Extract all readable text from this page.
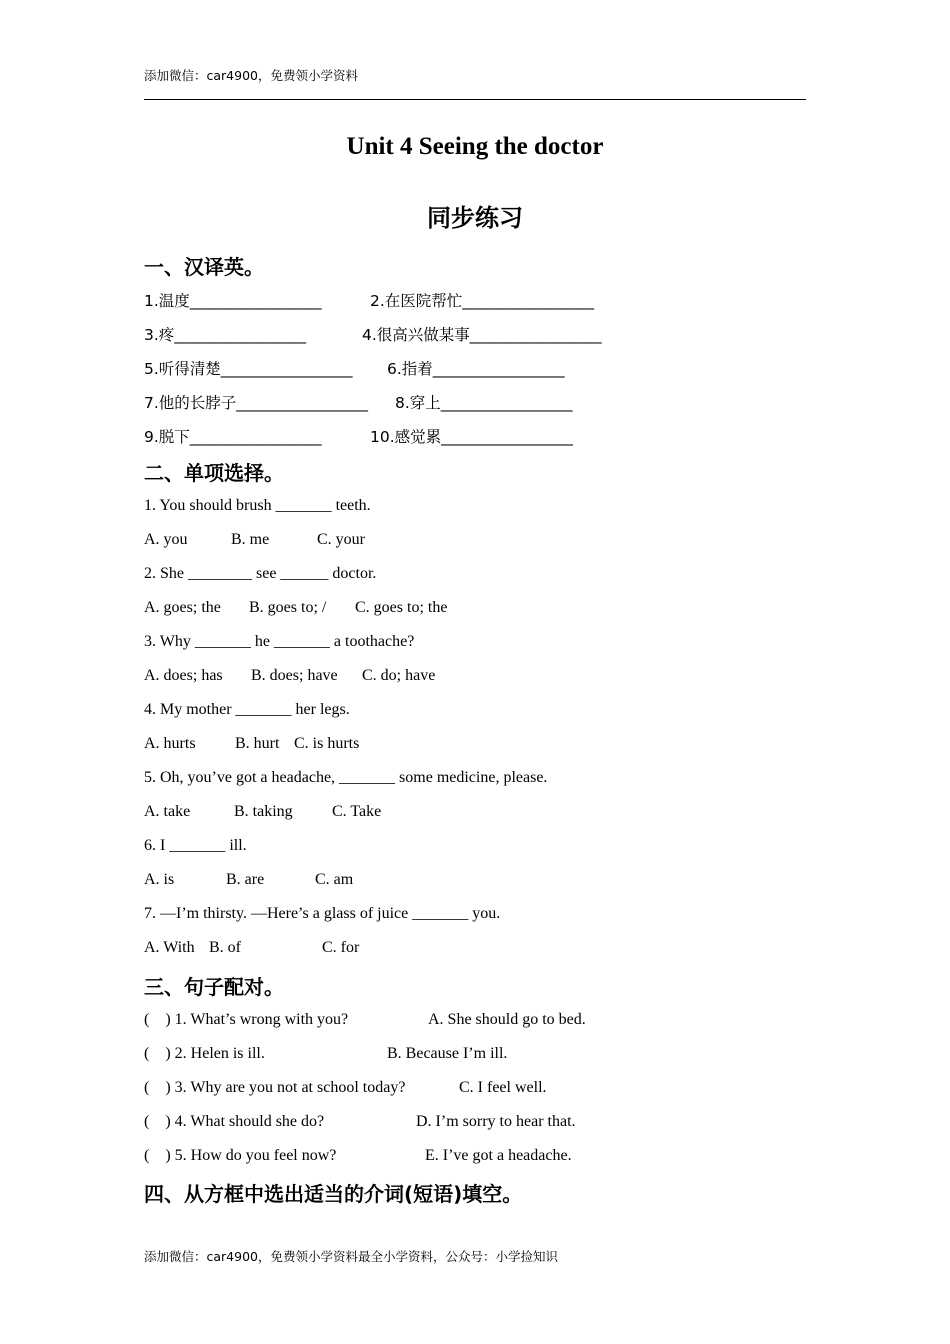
添加微信：car4900，免费领小学资料
Unit 4 Seeing the doctor
同步练习
一、汉译英。
1.温度_________________	2.在医院帮忙_________________
3.疼_________________	4.很高兴做某事_________________
5.听得清楚_________________ 6.指着_________________
7.他的长脖子_________________ 8.穿上_________________
9.脱下_________________	10.感觉累_________________
二、单项选择。
1. You should brush _______ teeth.
A. you	B. me	C. your
2. She ________ see ______ doctor.
A. goes; the B. goes to; / C. goes to; the
3. Why _______ he _______ a toothache?
A. does; has B. does; have C. do; have
4. My mother _______ her legs.
A. hurts B. hurt C. is hurts
5. Oh, you’ve got a headache, _______ some medicine, please.
A. take	B. taking C. Take
6. I _______ ill.
A. is	B. are	C. am
7. —I’m thirsty. —Here’s a glass of juice _______ you.
A. With B. of	C. for
三、句子配对。
(    ) 1. What’s wrong with you?	A. She should go to bed.
(    ) 2. Helen is ill.	B. Because I’m ill.
(    ) 3. Why are you not at school today?	C. I feel well.
(    ) 4. What should she do?	D. I’m sorry to hear that.
(    ) 5. How do you feel now?	E. I’ve got a headache.
四、从方框中选出适当的介词(短语)填空。
添加微信：car4900，免费领小学资料最全小学资料，公众号：小学捡知识
